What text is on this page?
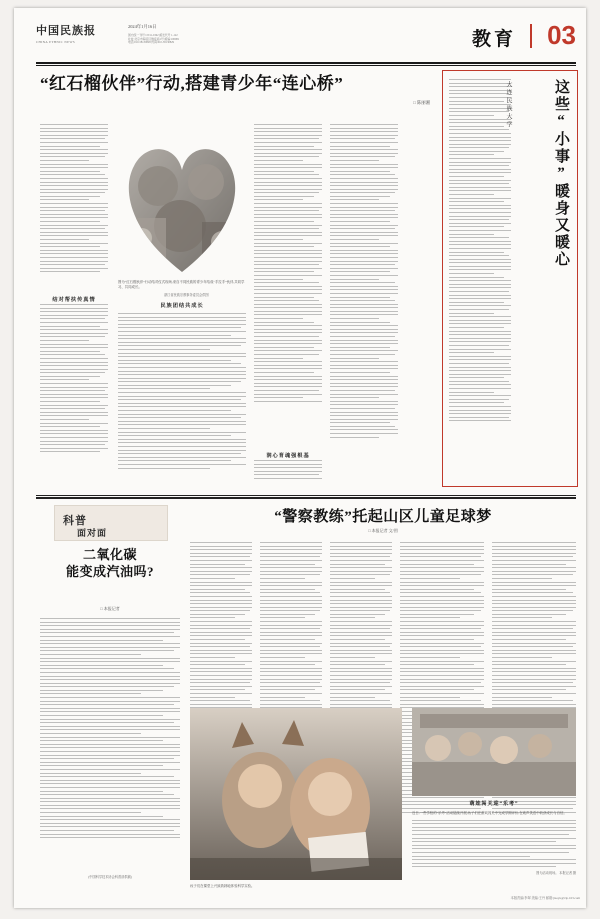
中国民族报
CHINA ETHNIC NEWS
2024年1月16日
国内统一刊号 CN11-0192 邮发代号 1-122
社址:北京市海淀区倒座庙1号 邮编:100081
电话:010-58130828 传真:010-58130829	教育 03
“红石榴伙伴”行动,搭建青少年“连心桥”
□ 陈丽湘
民族团结共成长
图为“红石榴伙伴”行动结对仪式现场,来自不同民族的青少年结成“手拉手”伙伴,共同学习、共同成长。
浙江省民族宗教事务委员会供图
结对帮扶传真情
润心育魂强根基
大连民族大学	这些“小事”暖身又暖心
科普
面对面
二氧化碳
能变成汽油吗?
□ 本报记者
(中国科学技术协会科普部供稿)
“警察教练”托起山区儿童足球梦
□ 本报记者 文/图
萌娃闯关迎“乐考”
近日,一些学校的“乐考”活动陆续开展,孩子们在游戏闯关中完成学期评价,在欢声笑语中收获成长与自信。
图为活动现场。 本报记者 摄
孩子们在课堂上兴致勃勃地体验科学实验。
本版责编:李翠 美编:王丹 邮箱:jiaoyu@vip.163.com
